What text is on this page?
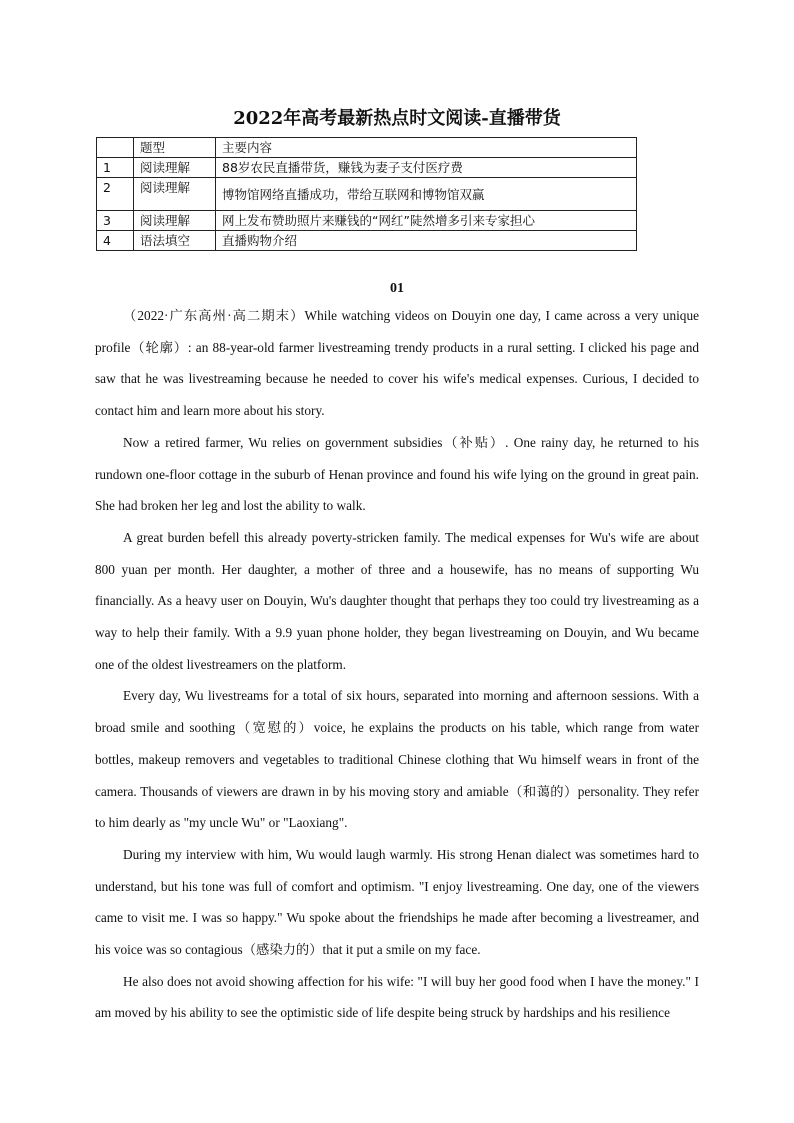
2022年高考最新热点时文阅读-直播带货
	题型	主要内容
1	阅读理解	88岁农民直播带货，赚钱为妻子支付医疗费
2	阅读理解	博物馆网络直播成功，带给互联网和博物馆双赢
3	阅读理解	网上发布赞助照片来赚钱的“网红”陡然增多引来专家担心
4	语法填空	直播购物介绍
01

（2022·广东高州·高二期末）While watching videos on Douyin one day, I came across a very unique profile（轮廓）: an 88-year-old farmer livestreaming trendy products in a rural setting. I clicked his page and saw that he was livestreaming because he needed to cover his wife's medical expenses. Curious, I decided to contact him and learn more about his story.

Now a retired farmer, Wu relies on government subsidies（补贴）. One rainy day, he returned to his rundown one-floor cottage in the suburb of Henan province and found his wife lying on the ground in great pain. She had broken her leg and lost the ability to walk.

A great burden befell this already poverty-stricken family. The medical expenses for Wu's wife are about 800 yuan per month. Her daughter, a mother of three and a housewife, has no means of supporting Wu financially. As a heavy user on Douyin, Wu's daughter thought that perhaps they too could try livestreaming as a way to help their family. With a 9.9 yuan phone holder, they began livestreaming on Douyin, and Wu became one of the oldest livestreamers on the platform.

Every day, Wu livestreams for a total of six hours, separated into morning and afternoon sessions. With a broad smile and soothing（宽慰的）voice, he explains the products on his table, which range from water bottles, makeup removers and vegetables to traditional Chinese clothing that Wu himself wears in front of the camera. Thousands of viewers are drawn in by his moving story and amiable（和蔼的）personality. They refer to him dearly as "my uncle Wu" or "Laoxiang".

During my interview with him, Wu would laugh warmly. His strong Henan dialect was sometimes hard to understand, but his tone was full of comfort and optimism. "I enjoy livestreaming. One day, one of the viewers came to visit me. I was so happy." Wu spoke about the friendships he made after becoming a livestreamer, and his voice was so contagious（感染力的）that it put a smile on my face.

He also does not avoid showing affection for his wife: "I will buy her good food when I have the money." I am moved by his ability to see the optimistic side of life despite being struck by hardships and his resilience
